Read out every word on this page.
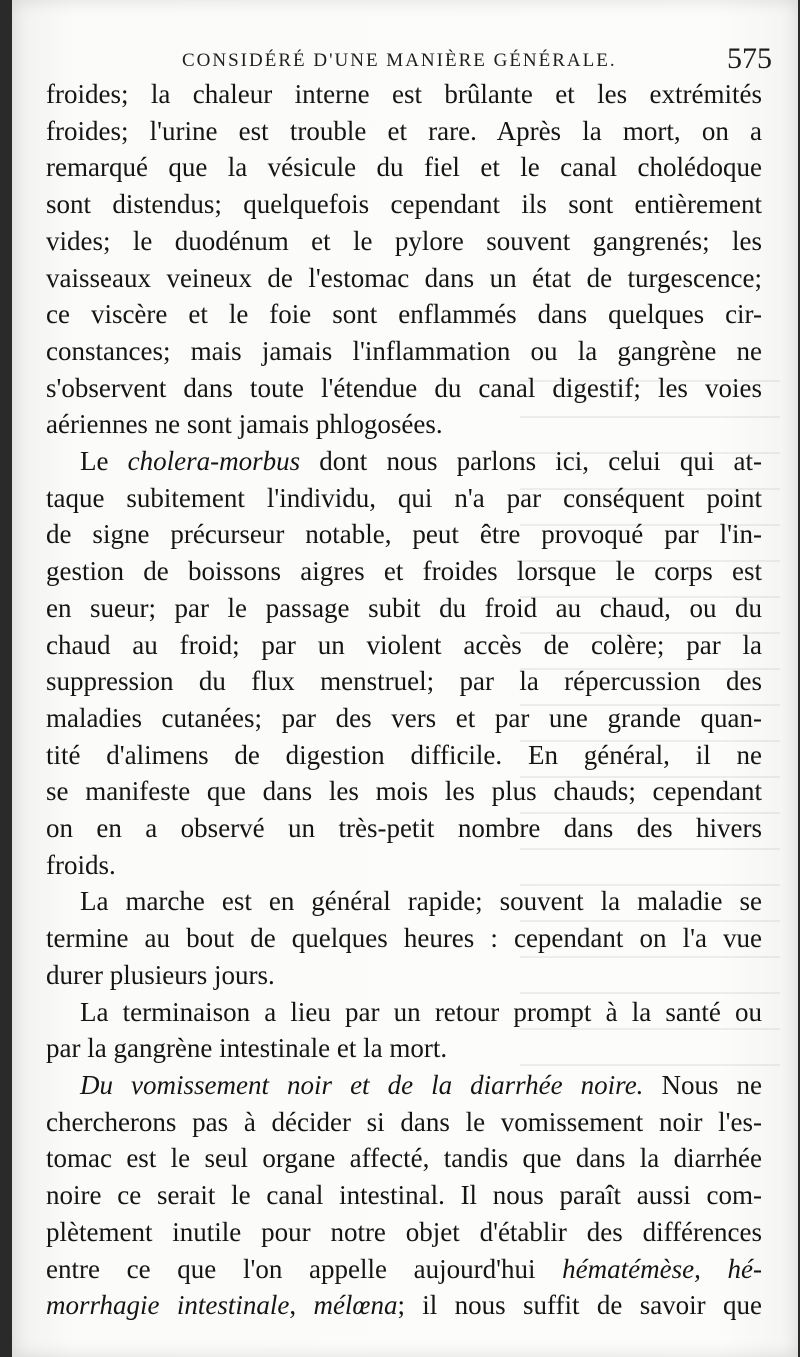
CONSIDÉRÉ D'UNE MANIÈRE GÉNÉRALE.	575

froides; la chaleur interne est brûlante et les extrémités
froides; l'urine est trouble et rare. Après la mort, on a
remarqué que la vésicule du fiel et le canal cholédoque
sont distendus; quelquefois cependant ils sont entièrement
vides; le duodénum et le pylore souvent gangrenés; les
vaisseaux veineux de l'estomac dans un état de turgescence;
ce viscère et le foie sont enflammés dans quelques cir-
constances; mais jamais l'inflammation ou la gangrène ne
s'observent dans toute l'étendue du canal digestif; les voies
aériennes ne sont jamais phlogosées.

Le cholera-morbus dont nous parlons ici, celui qui at-
taque subitement l'individu, qui n'a par conséquent point
de signe précurseur notable, peut être provoqué par l'in-
gestion de boissons aigres et froides lorsque le corps est
en sueur; par le passage subit du froid au chaud, ou du
chaud au froid; par un violent accès de colère; par la
suppression du flux menstruel; par la répercussion des
maladies cutanées; par des vers et par une grande quan-
tité d'alimens de digestion difficile. En général, il ne
se manifeste que dans les mois les plus chauds; cependant
on en a observé un très-petit nombre dans des hivers
froids.

La marche est en général rapide; souvent la maladie se
termine au bout de quelques heures : cependant on l'a vue
durer plusieurs jours.

La terminaison a lieu par un retour prompt à la santé ou
par la gangrène intestinale et la mort.

Du vomissement noir et de la diarrhée noire. Nous ne
chercherons pas à décider si dans le vomissement noir l'es-
tomac est le seul organe affecté, tandis que dans la diarrhée
noire ce serait le canal intestinal. Il nous paraît aussi com-
plètement inutile pour notre objet d'établir des différences
entre ce que l'on appelle aujourd'hui hématémèse, hé-
morrhagie intestinale, mélœna; il nous suffit de savoir que
